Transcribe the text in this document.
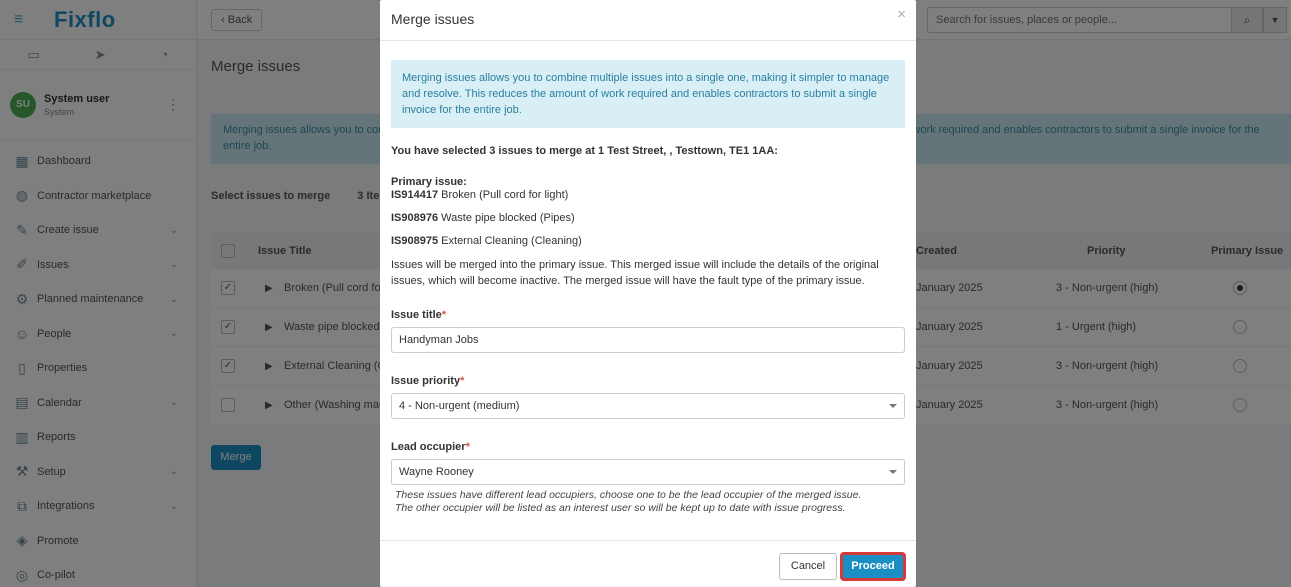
Search for issues, places or people...
Merge issues	×
Merging issues allows you to combine multiple issues into a single one, making it simpler to manage and resolve. This reduces the amount of work required and enables contractors to submit a single invoice for the entire job.
You have selected 3 issues to merge at 1 Test Street, , Testtown, TE1 1AA:
Primary issue:
IS914417 Broken (Pull cord for light)
IS908976 Waste pipe blocked (Pipes)
IS908975 External Cleaning (Cleaning)
Issues will be merged into the primary issue. This merged issue will include the details of the original issues, which will become inactive. The merged issue will have the fault type of the primary issue.
Issue title*
Handyman Jobs
Issue priority*
4 - Non-urgent (medium)
Lead occupier*
Wayne Rooney
These issues have different lead occupiers, choose one to be the lead occupier of the merged issue.
The other occupier will be listed as an interest user so will be kept up to date with issue progress.
Cancel	Proceed
